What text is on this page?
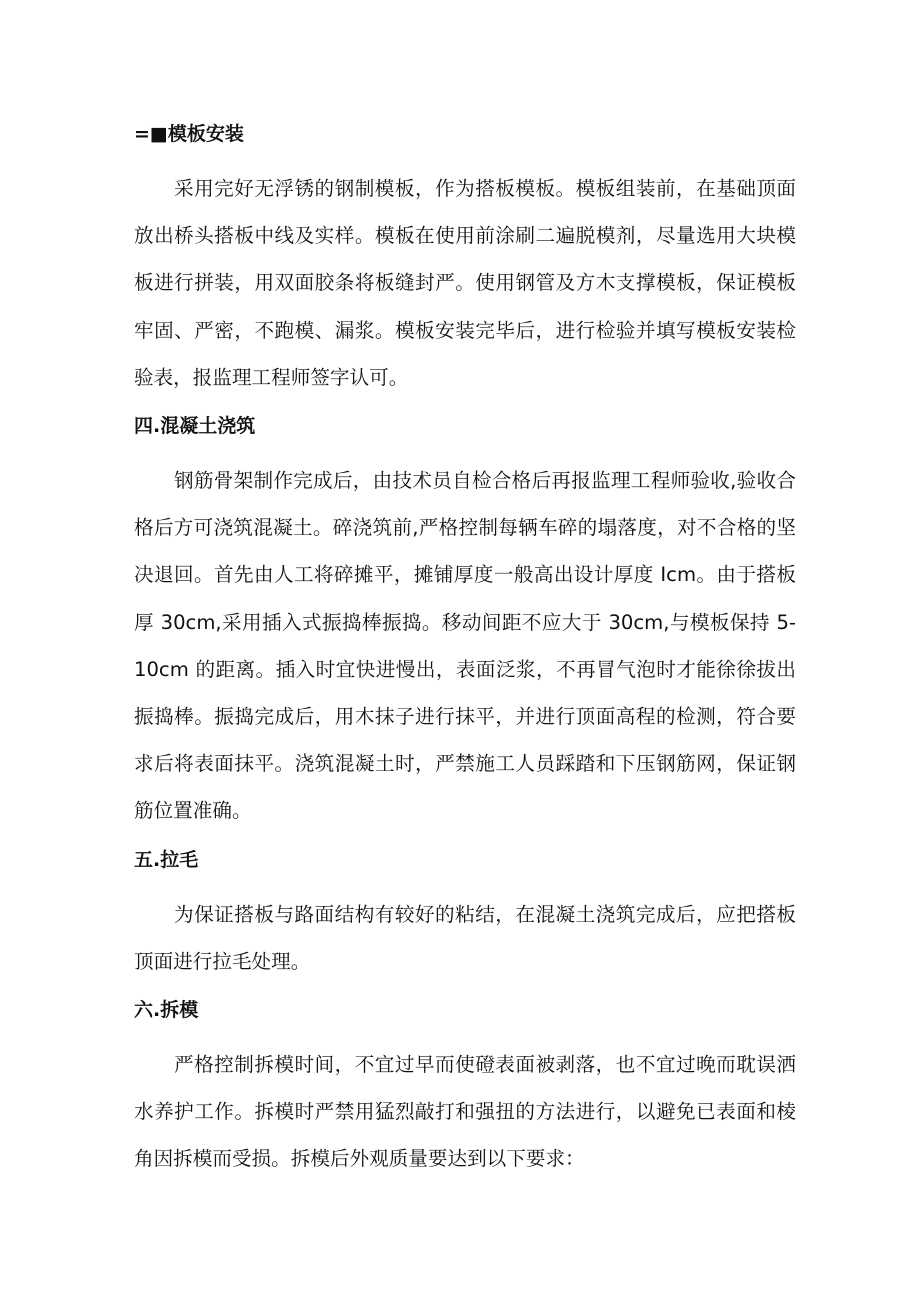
=■模板安装
采用完好无浮锈的钢制模板，作为搭板模板。模板组装前，在基础顶面放出桥头搭板中线及实样。模板在使用前涂刷二遍脱模剂，尽量选用大块模板进行拼装，用双面胶条将板缝封严。使用钢管及方木支撑模板，保证模板牢固、严密，不跑模、漏浆。模板安装完毕后，进行检验并填写模板安装检验表，报监理工程师签字认可。
四.混凝土浇筑
钢筋骨架制作完成后，由技术员自检合格后再报监理工程师验收,验收合格后方可浇筑混凝土。碎浇筑前,严格控制每辆车碎的塌落度，对不合格的坚决退回。首先由人工将碎摊平，摊铺厚度一般高出设计厚度 Icm。由于搭板厚 30cm,采用插入式振捣棒振捣。移动间距不应大于 30cm,与模板保持 5-10cm 的距离。插入时宜快进慢出，表面泛浆，不再冒气泡时才能徐徐拔出振捣棒。振捣完成后，用木抹子进行抹平，并进行顶面高程的检测，符合要求后将表面抹平。浇筑混凝土时，严禁施工人员踩踏和下压钢筋网，保证钢筋位置准确。
五.拉毛
为保证搭板与路面结构有较好的粘结，在混凝土浇筑完成后，应把搭板顶面进行拉毛处理。
六.拆模
严格控制拆模时间，不宜过早而使磴表面被剥落，也不宜过晚而耽误洒水养护工作。拆模时严禁用猛烈敲打和强扭的方法进行，以避免已表面和棱角因拆模而受损。拆模后外观质量要达到以下要求：
